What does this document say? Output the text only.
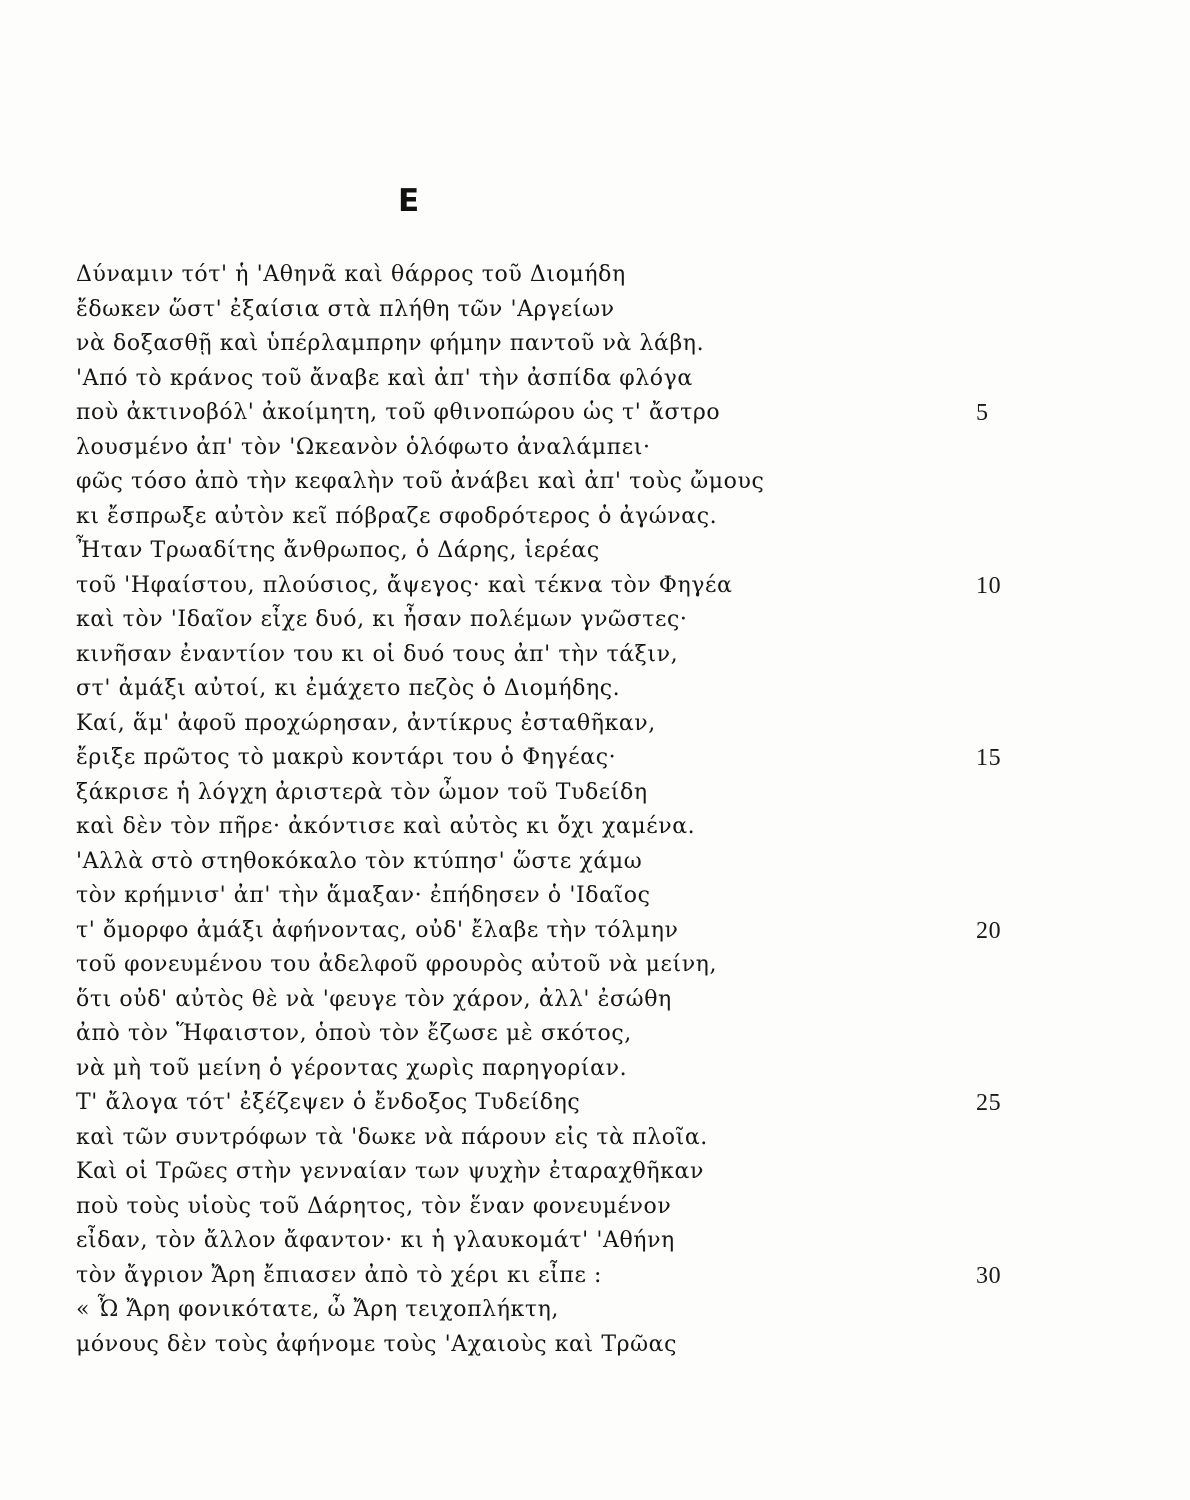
Ε
Δύναμιν τότ' ἡ 'Αθηνᾶ καὶ θάρρος τοῦ Διομήδη
ἔδωκεν ὥστ' ἐξαίσια στὰ πλήθη τῶν 'Αργείων
νὰ δοξασθῇ καὶ ὑπέρλαμπρην φήμην παντοῦ νὰ λάβη.
'Από τὸ κράνος τοῦ ἄναβε καὶ ἀπ' τὴν ἀσπίδα φλόγα
ποὺ ἀκτινοβόλ' ἀκοίμητη, τοῦ φθινοπώρου ὡς τ' ἄστρο	5
λουσμένο ἀπ' τὸν 'Ωκεανὸν ὁλόφωτο ἀναλάμπει·
φῶς τόσο ἀπὸ τὴν κεφαλὴν τοῦ ἀνάβει καὶ ἀπ' τοὺς ὤμους
κι ἔσπρωξε αὐτὸν κεῖ πόβραζε σφοδρότερος ὁ ἀγώνας.
Ἦταν Τρωαδίτης ἄνθρωπος, ὁ Δάρης, ἱερέας
τοῦ 'Ηφαίστου, πλούσιος, ἄψεγος· καὶ τέκνα τὸν Φηγέα	10
καὶ τὸν 'Ιδαῖον εἶχε δυό, κι ἦσαν πολέμων γνῶστες·
κινῆσαν ἐναντίον του κι οἱ δυό τους ἀπ' τὴν τάξιν,
στ' ἀμάξι αὐτοί, κι ἐμάχετο πεζὸς ὁ Διομήδης.
Καί, ἅμ' ἀφοῦ προχώρησαν, ἀντίκρυς ἐσταθῆκαν,
ἔριξε πρῶτος τὸ μακρὺ κοντάρι του ὁ Φηγέας·	15
ξάκρισε ἡ λόγχη ἀριστερὰ τὸν ὦμον τοῦ Τυδείδη
καὶ δὲν τὸν πῆρε· ἀκόντισε καὶ αὐτὸς κι ὄχι χαμένα.
'Αλλὰ στὸ στηθοκόκαλο τὸν κτύπησ' ὥστε χάμω
τὸν κρήμνισ' ἀπ' τὴν ἅμαξαν· ἐπήδησεν ὁ 'Ιδαῖος
τ' ὄμορφο ἀμάξι ἀφήνοντας, οὐδ' ἔλαβε τὴν τόλμην	20
τοῦ φονευμένου του ἀδελφοῦ φρουρὸς αὐτοῦ νὰ μείνη,
ὅτι οὐδ' αὐτὸς θὲ νὰ 'φευγε τὸν χάρον, ἀλλ' ἐσώθη
ἀπὸ τὸν Ἥφαιστον, ὁποὺ τὸν ἔζωσε μὲ σκότος,
νὰ μὴ τοῦ μείνη ὁ γέροντας χωρὶς παρηγορίαν.
Τ' ἄλογα τότ' ἐξέζεψεν ὁ ἔνδοξος Τυδείδης	25
καὶ τῶν συντρόφων τὰ 'δωκε νὰ πάρουν εἰς τὰ πλοῖα.
Καὶ οἱ Τρῶες στὴν γενναίαν των ψυχὴν ἐταραχθῆκαν
ποὺ τοὺς υἱοὺς τοῦ Δάρητος, τὸν ἕναν φονευμένον
εἶδαν, τὸν ἄλλον ἄφαντον· κι ἡ γλαυκομάτ' 'Αθήνη
τὸν ἄγριον Ἄρη ἔπιασεν ἀπὸ τὸ χέρι κι εἶπε :	30
« Ὦ Ἄρη φονικότατε, ὦ Ἄρη τειχοπλήκτη,
μόνους δὲν τοὺς ἀφήνομε τοὺς 'Αχαιοὺς καὶ Τρῶας
